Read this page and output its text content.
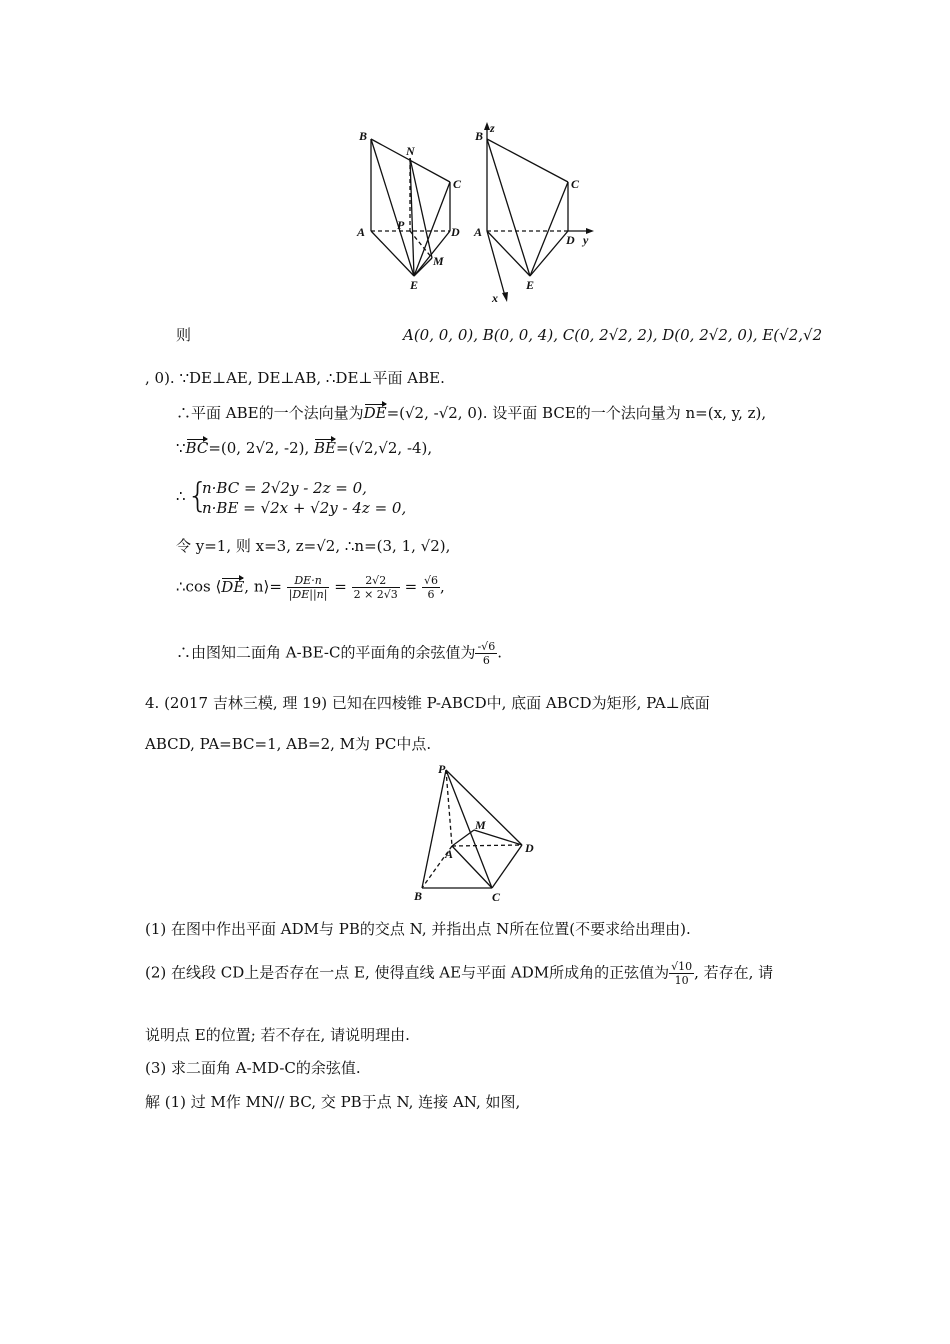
B
N
C
A	P	D
M
E
B
z
C
A
D y
E
x
则	A(0, 0, 0), B(0, 0, 4), C(0, 2√2, 2), D(0, 2√2, 0), E(√2,√2
, 0). ∵DE⊥AE, DE⊥AB, ∴DE⊥平面 ABE.
∴平面 ABE的一个法向量为DE=(√2, -√2, 0). 设平面 BCE的一个法向量为 n=(x, y, z),
∵BC=(0, 2√2, -2), BE=(√2,√2, -4),
∴ {
n·BC = 2√2y - 2z = 0,
n·BE = √2x + √2y - 4z = 0,
令 y=1, 则 x=3, z=√2, ∴n=(3, 1, √2),
∴cos ⟨DE, n⟩= $\frac{DE\cdot n}{|DE||n|} = \frac{2√2}{2 \times 2√3} = \frac{√6}{6}$ ,
∴由图知二面角 A-BE-C的平面角的余弦值为 $\frac{-√6}{6}$ .
4. (2017 吉林三模, 理 19) 已知在四棱锥 P-ABCD中, 底面 ABCD为矩形, PA⊥底面
ABCD, PA=BC=1, AB=2, M为 PC中点.
P
M
A	D
B	C
(1) 在图中作出平面 ADM与 PB的交点 N, 并指出点 N所在位置(不要求给出理由).
(2) 在线段 CD上是否存在一点 E, 使得直线 AE与平面 ADM所成角的正弦值为 $\frac{√10}{10}$ , 若存在, 请
说明点 E的位置; 若不存在, 请说明理由.
(3) 求二面角 A-MD-C的余弦值.
解 (1) 过 M作 MN// BC, 交 PB于点 N, 连接 AN, 如图,
